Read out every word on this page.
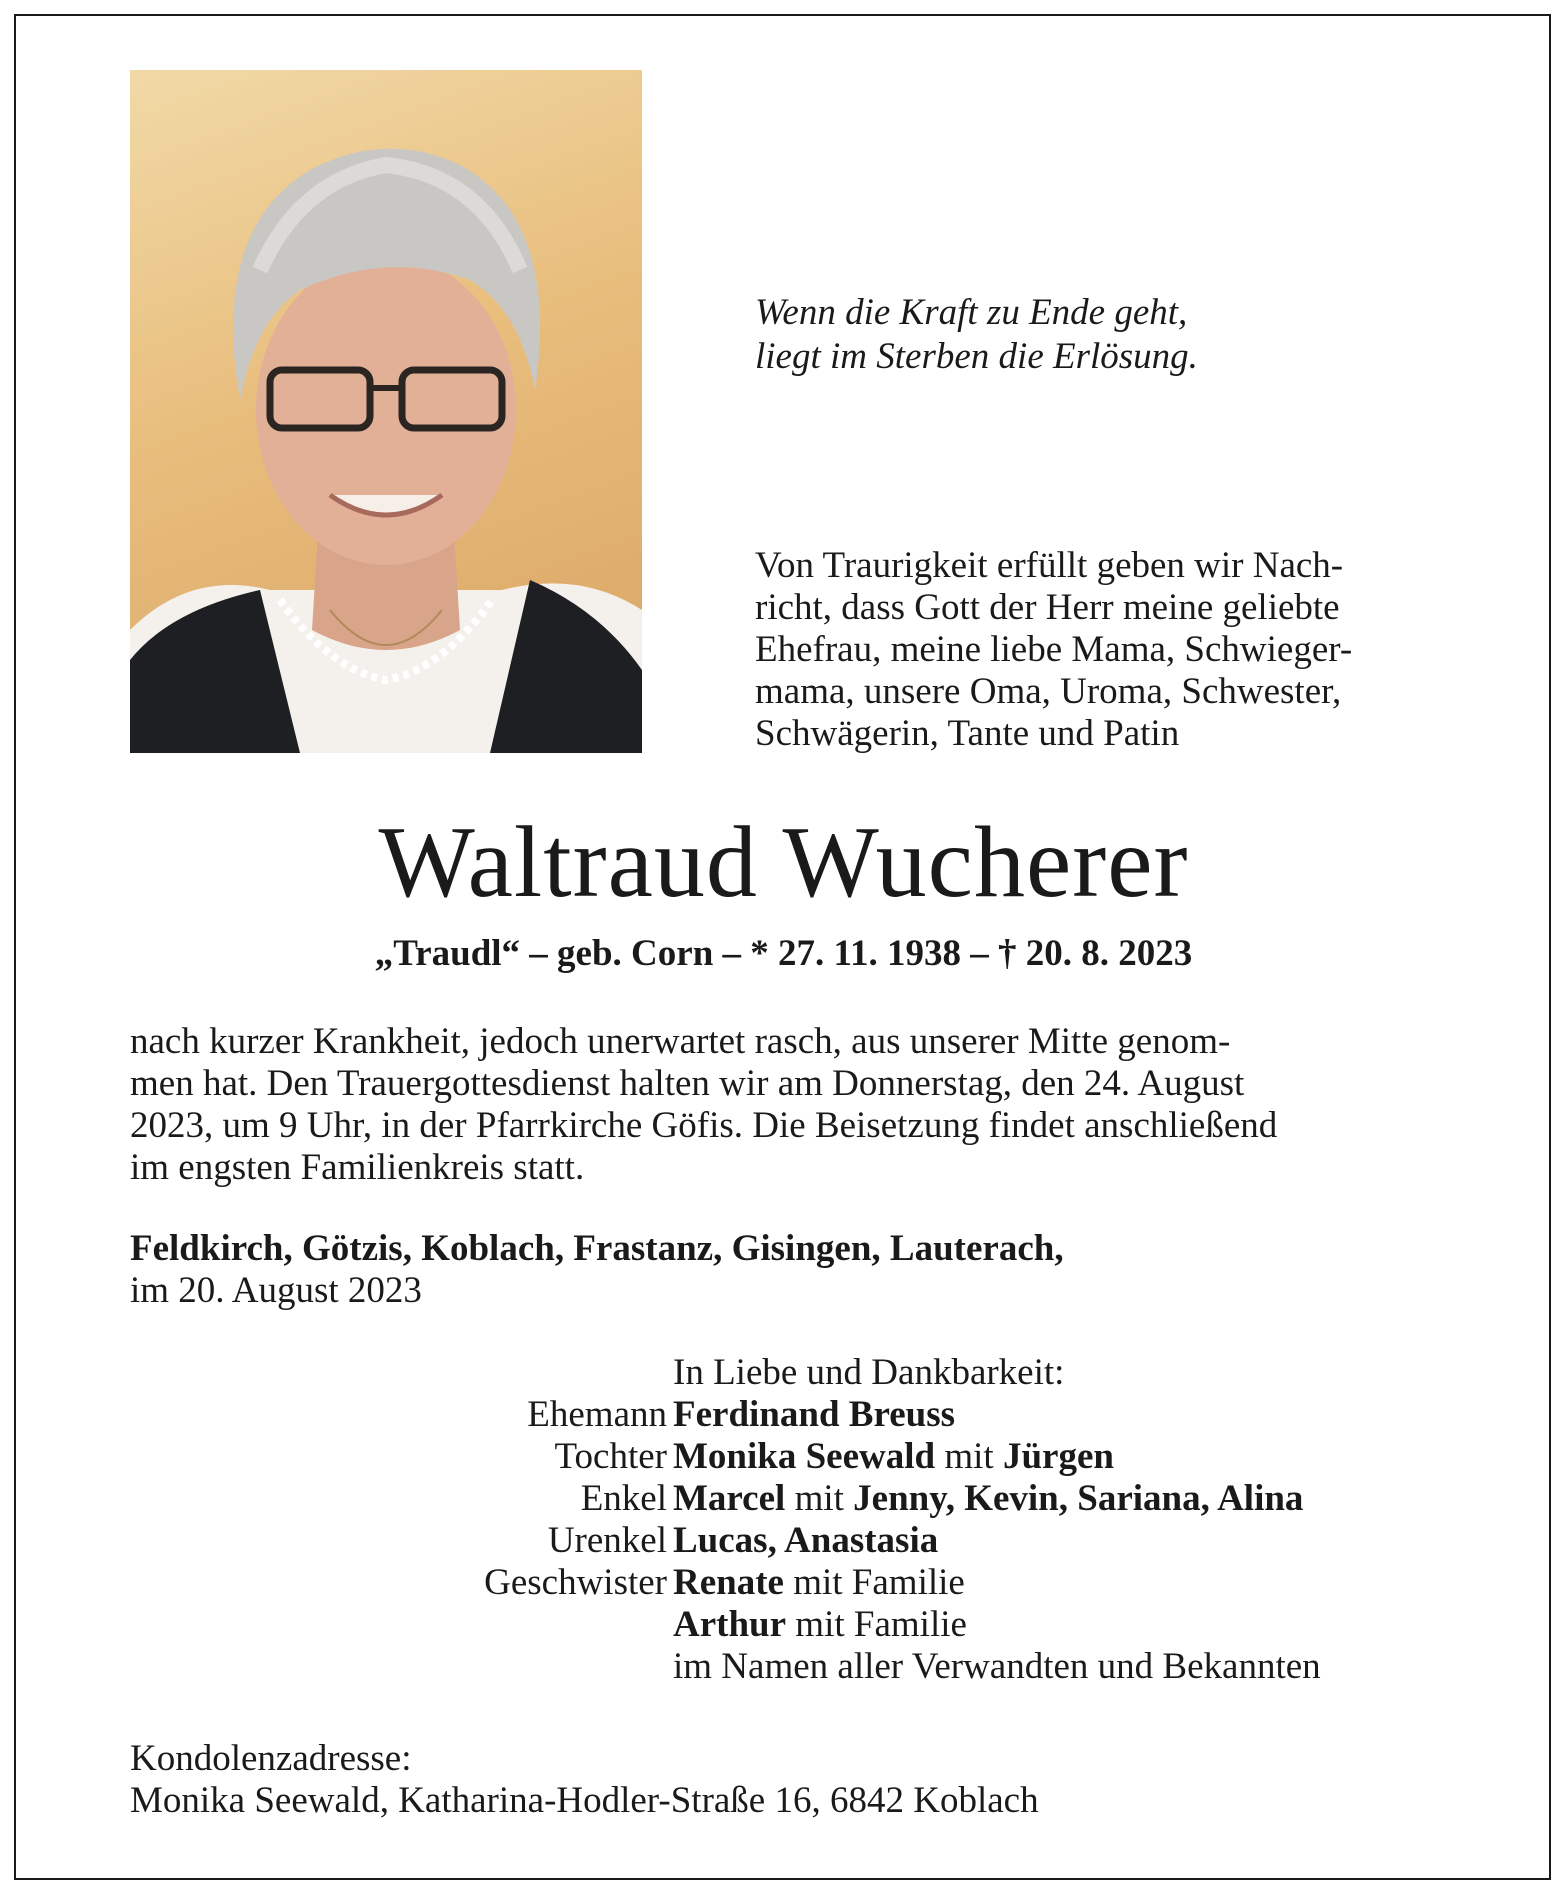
Wenn die Kraft zu Ende geht,
liegt im Sterben die Erlösung.
Von Traurigkeit erfüllt geben wir Nach-
richt, dass Gott der Herr meine geliebte
Ehefrau, meine liebe Mama, Schwieger-
mama, unsere Oma, Uroma, Schwester,
Schwägerin, Tante und Patin
Waltraud Wucherer
„Traudl“ – geb. Corn – * 27. 11. 1938 – † 20. 8. 2023
nach kurzer Krankheit, jedoch unerwartet rasch, aus unserer Mitte genom-
men hat. Den Trauergottesdienst halten wir am Donnerstag, den 24. August
2023, um 9 Uhr, in der Pfarrkirche Göfis. Die Beisetzung findet anschließend
im engsten Familienkreis statt.
Feldkirch, Götzis, Koblach, Frastanz, Gisingen, Lauterach,
im 20. August 2023
In Liebe und Dankbarkeit:
Ehemann Ferdinand Breuss
Tochter Monika Seewald mit Jürgen
Enkel Marcel mit Jenny, Kevin, Sariana, Alina
Urenkel Lucas, Anastasia
Geschwister Renate mit Familie
Arthur mit Familie
im Namen aller Verwandten und Bekannten
Kondolenzadresse:
Monika Seewald, Katharina-Hodler-Straße 16, 6842 Koblach
